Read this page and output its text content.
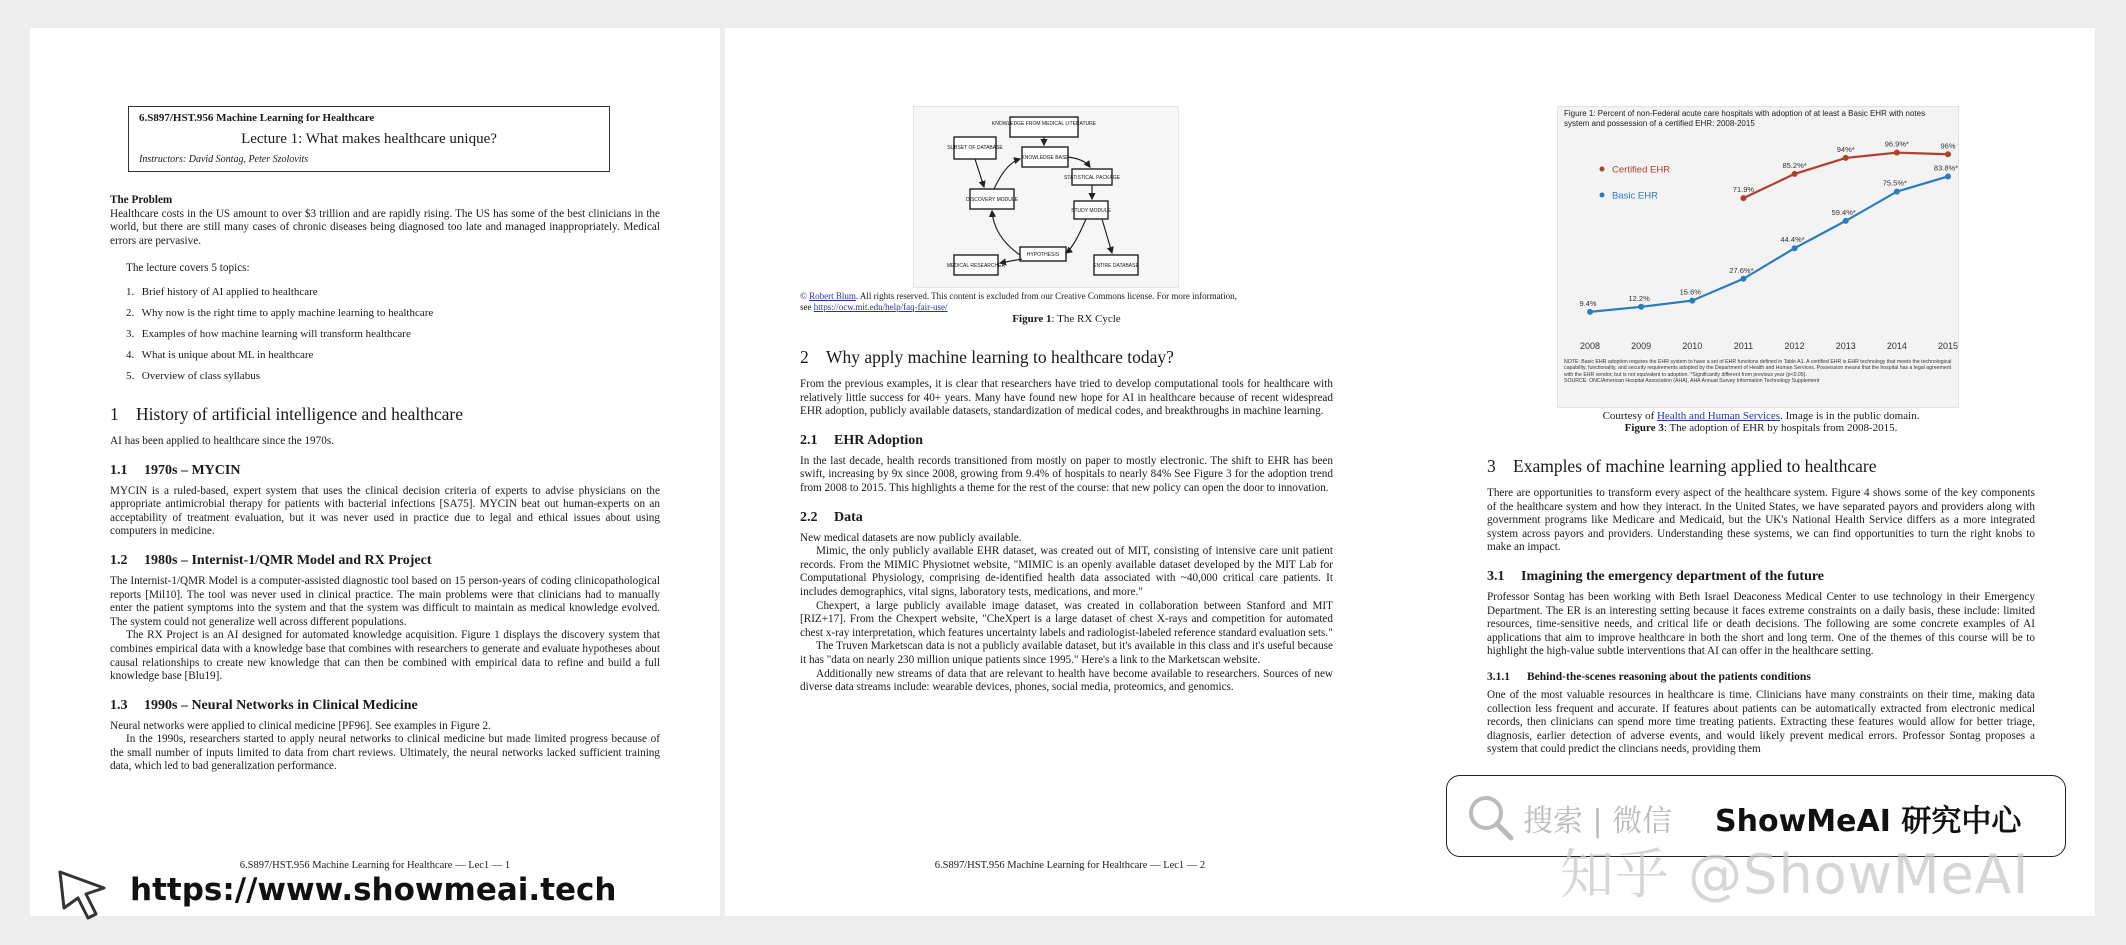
6.S897/HST.956 Machine Learning for Healthcare
Lecture 1: What makes healthcare unique?
Instructors: David Sontag, Peter Szolovits
The Problem

Healthcare costs in the US amount to over $3 trillion and are rapidly rising. The US has some of the best clinicians in the world, but there are still many cases of chronic diseases being diagnosed too late and managed inappropriately. Medical errors are pervasive.

The lecture covers 5 topics:

1. Brief history of AI applied to healthcare
2. Why now is the right time to apply machine learning to healthcare
3. Examples of how machine learning will transform healthcare
4. What is unique about ML in healthcare
5. Overview of class syllabus
1 History of artificial intelligence and healthcare

AI has been applied to healthcare since the 1970s.

1.1 1970s – MYCIN

MYCIN is a ruled-based, expert system that uses the clinical decision criteria of experts to advise physicians on the appropriate antimicrobial therapy for patients with bacterial infections [SA75]. MYCIN beat out human-experts on an acceptability of treatment evaluation, but it was never used in practice due to legal and ethical issues about using computers in medicine.

1.2 1980s – Internist-1/QMR Model and RX Project

The Internist-1/QMR Model is a computer-assisted diagnostic tool based on 15 person-years of coding clinicopathological reports [Mil10]. The tool was never used in clinical practice. The main problems were that clinicians had to manually enter the patient symptoms into the system and that the system was difficult to maintain as medical knowledge evolved. The system could not generalize well across different populations.

The RX Project is an AI designed for automated knowledge acquisition. Figure 1 displays the discovery system that combines empirical data with a knowledge base that combines with researchers to generate and evaluate hypotheses about causal relationships to create new knowledge that can then be combined with empirical data to refine and build a full knowledge base [Blu19].

1.3 1990s – Neural Networks in Clinical Medicine

Neural networks were applied to clinical medicine [PF96]. See examples in Figure 2.

In the 1990s, researchers started to apply neural networks to clinical medicine but made limited progress because of the small number of inputs limited to data from chart reviews. Ultimately, the neural networks lacked sufficient training data, which led to bad generalization performance.

6.S897/HST.956 Machine Learning for Healthcare — Lec1 — 1
KNOWLEDGE FROM MEDICAL LITERATURE
SUBSET OF DATABASE
KNOWLEDGE BASE
STATISTICAL PACKAGE
DISCOVERY MODULE
STUDY MODULE
HYPOTHESIS
MEDICAL RESEARCHER	ENTIRE DATABASE

© Robert Blum. All rights reserved. This content is excluded from our Creative Commons license. For more information,
see https://ocw.mit.edu/help/faq-fair-use/

Figure 1: The RX Cycle

2 Why apply machine learning to healthcare today?

From the previous examples, it is clear that researchers have tried to develop computational tools for healthcare with relatively little success for 40+ years. Many have found new hope for AI in healthcare because of recent widespread EHR adoption, publicly available datasets, standardization of medical codes, and breakthroughs in machine learning.

2.1 EHR Adoption

In the last decade, health records transitioned from mostly on paper to mostly electronic. The shift to EHR has been swift, increasing by 9x since 2008, growing from 9.4% of hospitals to nearly 84% See Figure 3 for the adoption trend from 2008 to 2015. This highlights a theme for the rest of the course: that new policy can open the door to innovation.

2.2 Data

New medical datasets are now publicly available.

Mimic, the only publicly available EHR dataset, was created out of MIT, consisting of intensive care unit patient records. From the MIMIC Physiotnet website, "MIMIC is an openly available dataset developed by the MIT Lab for Computational Physiology, comprising de-identified health data associated with ~40,000 critical care patients. It includes demographics, vital signs, laboratory tests, medications, and more."

Chexpert, a large publicly available image dataset, was created in collaboration between Stanford and MIT [RIZ+17]. From the Chexpert website, "CheXpert is a large dataset of chest X-rays and competition for automated chest x-ray interpretation, which features uncertainty labels and radiologist-labeled reference standard evaluation sets."

The Truven Marketscan data is not a publicly available dataset, but it's available in this class and it's useful because it has "data on nearly 230 million unique patients since 1995." Here's a link to the Marketscan website.

Additionally new streams of data that are relevant to health have become available to researchers. Sources of new diverse data streams include: wearable devices, phones, social media, proteomics, and genomics.

6.S897/HST.956 Machine Learning for Healthcare — Lec1 — 2
Figure 1: Percent of non-Federal acute care hospitals with adoption of at least a Basic EHR with notes system and possession of a certified EHR: 2008-2015
2008	2009	2010	2011	2012	2013	2014	2015
71.9%
85.2%*
94%*
96.9%*	96%
Certified EHR
9.4%
12.2%
15.6%
27.6%*
44.4%*
59.4%*
75.5%*
83.8%*
Basic EHR
NOTE: Basic EHR adoption requires the EHR system to have a set of EHR functions defined in Table A1. A certified EHR is EHR technology that meets the technological capability, functionality, and security requirements adopted by the Department of Health and Human Services. Possession means that the hospital has a legal agreement with the EHR vendor, but is not equivalent to adoption. *Significantly different from previous year (p<0.05).
SOURCE: ONC/American Hospital Association (AHA), AHA Annual Survey Information Technology Supplement

Courtesy of Health and Human Services. Image is in the public domain.

Figure 3: The adoption of EHR by hospitals from 2008-2015.

3 Examples of machine learning applied to healthcare

There are opportunities to transform every aspect of the healthcare system. Figure 4 shows some of the key components of the healthcare system and how they interact. In the United States, we have separated payors and providers along with government programs like Medicare and Medicaid, but the UK's National Health Service differs as a more integrated system across payors and providers. Understanding these systems, we can find opportunities to turn the right knobs to make an impact.

3.1 Imagining the emergency department of the future

Professor Sontag has been working with Beth Israel Deaconess Medical Center to use technology in their Emergency Department. The ER is an interesting setting because it faces extreme constraints on a daily basis, these include: limited resources, time-sensitive needs, and critical life or death decisions. The following are some concrete examples of AI applications that aim to improve healthcare in both the short and long term. One of the themes of this course will be to highlight the high-value subtle interventions that AI can offer in the healthcare setting.

3.1.1 Behind-the-scenes reasoning about the patients conditions

One of the most valuable resources in healthcare is time. Clinicians have many constraints on their time, making data collection less frequent and accurate. If features about patients can be automatically extracted from electronic medical records, then clinicians can spend more time treating patients. Extracting these features would allow for better triage, diagnosis, earlier detection of adverse events, and would likely prevent medical errors. Professor Sontag proposes a system that could predict the clincians needs, providing them

搜索 | 微信 ShowMeAI 研究中心
知乎 @ShowMeAI
https://www.showmeai.tech
